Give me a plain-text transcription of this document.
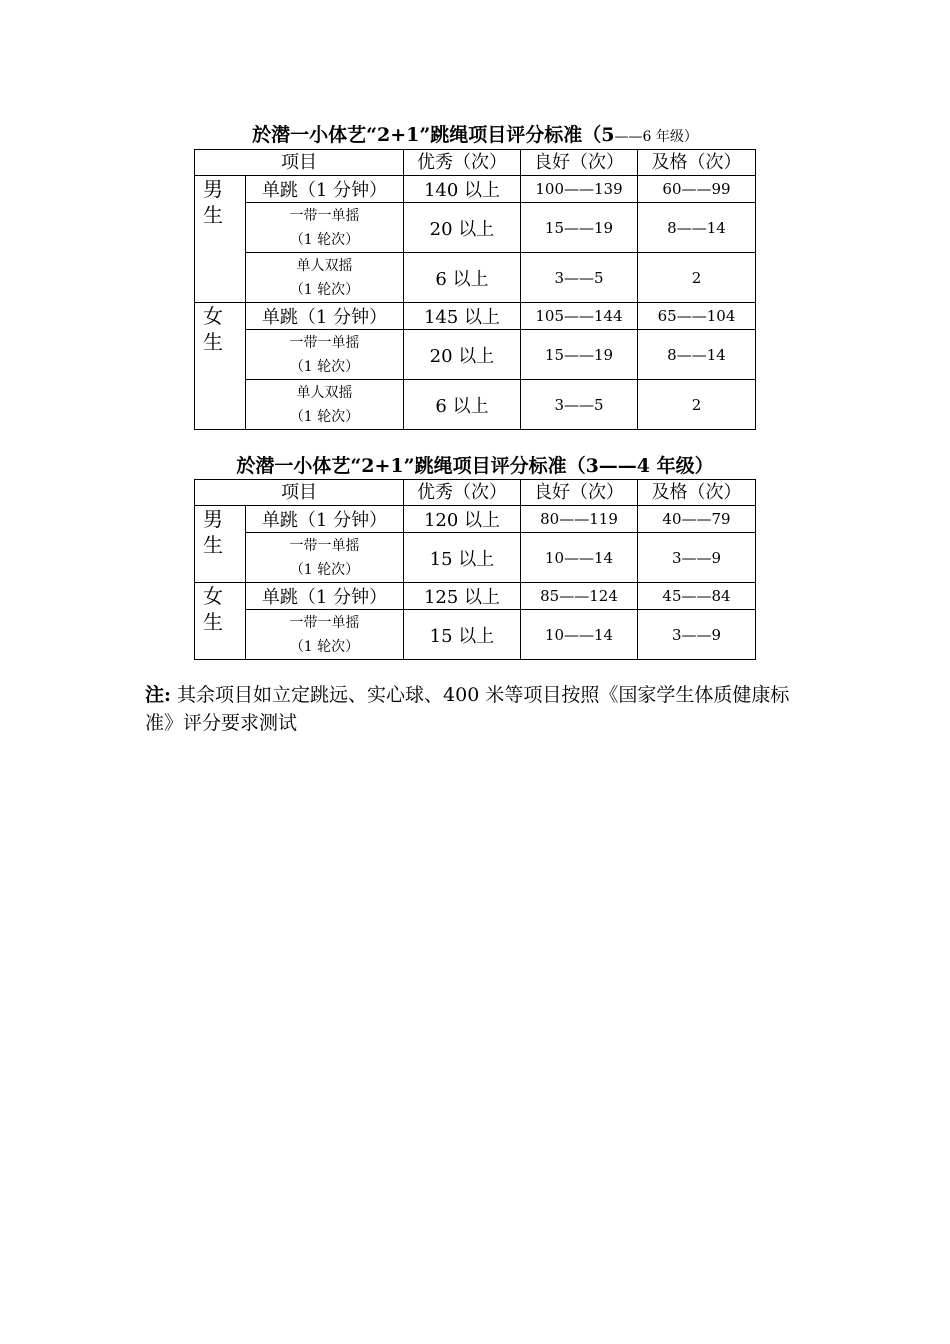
於潜一小体艺“2+1”跳绳项目评分标准（5——6 年级）
项目		优秀（次）	良好（次）	及格（次）

男
生	单跳（1 分钟）	140 以上	100——139	60——99

	一带一单摇
（1 轮次）	20 以上	15——19	8——14

	单人双摇
（1 轮次）	6 以上	3——5	2

女
生	单跳（1 分钟）	145 以上	105——144	65——104

	一带一单摇
（1 轮次）	20 以上	15——19	8——14

	单人双摇
（1 轮次）	6 以上	3——5	2
於潜一小体艺“2+1”跳绳项目评分标准（3——4 年级）
项目		优秀（次）	良好（次）	及格（次）

男
生	单跳（1 分钟）	120 以上	80——119	40——79

	一带一单摇
（1 轮次）	15 以上	10——14	3——9

女
生	单跳（1 分钟）	125 以上	85——124	45——84

	一带一单摇
（1 轮次）	15 以上	10——14	3——9
注: 其余项目如立定跳远、实心球、400 米等项目按照《国家学生体质健康标准》评分要求测试
